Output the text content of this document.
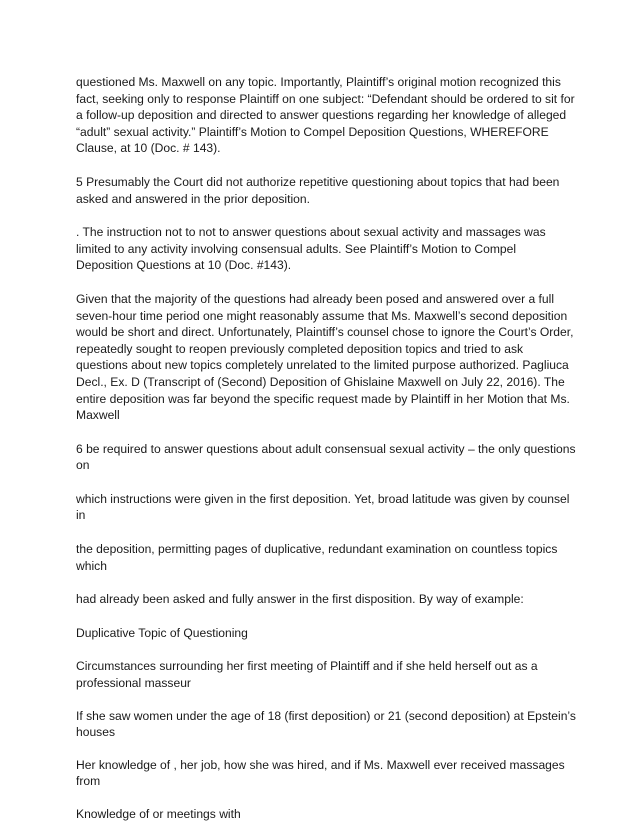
questioned Ms. Maxwell on any topic. Importantly, Plaintiff’s original motion recognized this fact, seeking only to response Plaintiff on one subject: “Defendant should be ordered to sit for a follow-up deposition and directed to answer questions regarding her knowledge of alleged “adult” sexual activity.” Plaintiff’s Motion to Compel Deposition Questions, WHEREFORE Clause, at 10 (Doc. # 143).

5 Presumably the Court did not authorize repetitive questioning about topics that had been asked and answered in the prior deposition.

. The instruction not to not to answer questions about sexual activity and massages was limited to any activity involving consensual adults. See Plaintiff’s Motion to Compel Deposition Questions at 10 (Doc. #143).

Given that the majority of the questions had already been posed and answered over a full seven-hour time period one might reasonably assume that Ms. Maxwell’s second deposition would be short and direct. Unfortunately, Plaintiff’s counsel chose to ignore the Court’s Order, repeatedly sought to reopen previously completed deposition topics and tried to ask questions about new topics completely unrelated to the limited purpose authorized. Pagliuca Decl., Ex. D (Transcript of (Second) Deposition of Ghislaine Maxwell on July 22, 2016). The entire deposition was far beyond the specific request made by Plaintiff in her Motion that Ms. Maxwell

6 be required to answer questions about adult consensual sexual activity – the only questions on

which instructions were given in the first deposition. Yet, broad latitude was given by counsel in

the deposition, permitting pages of duplicative, redundant examination on countless topics which

had already been asked and fully answer in the first disposition. By way of example:

Duplicative Topic of Questioning

Circumstances surrounding her first meeting of Plaintiff and if she held herself out as a professional masseur

If she saw women under the age of 18 (first deposition) or 21 (second deposition) at Epstein’s houses

Her knowledge of , her job, how she was hired, and if Ms. Maxwell ever received massages from

Knowledge of or meetings with
